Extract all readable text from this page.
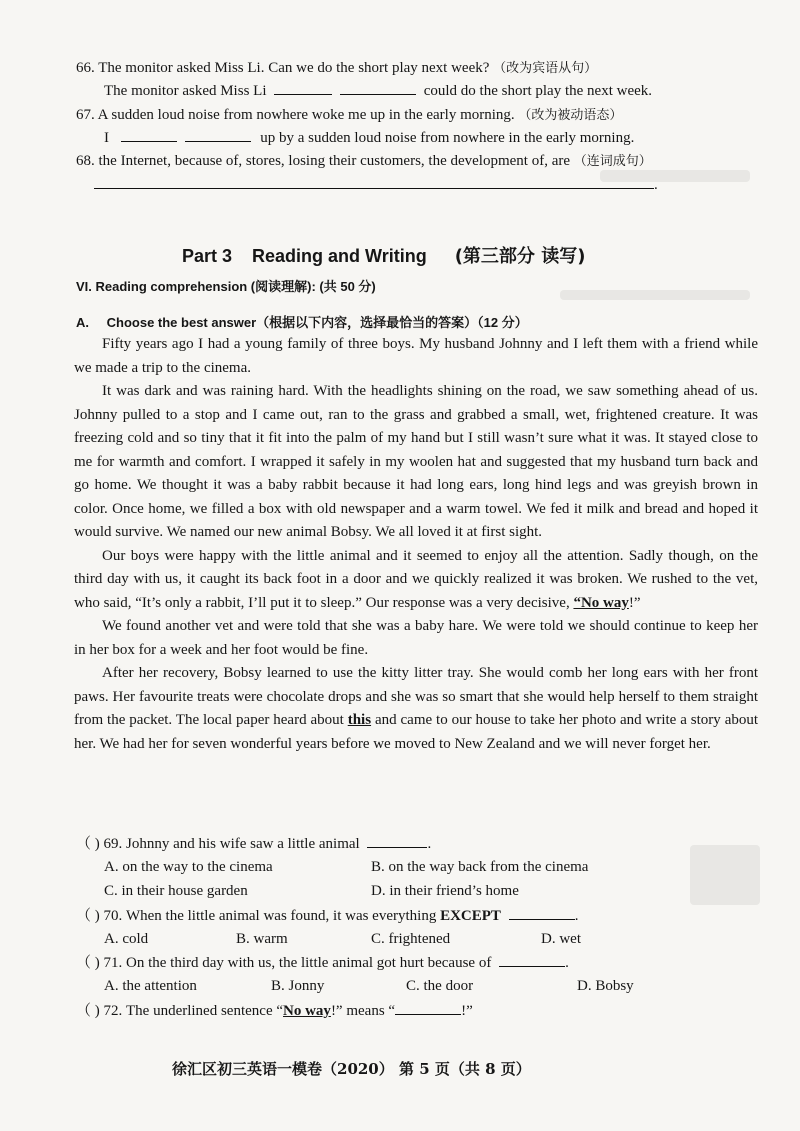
66. The monitor asked Miss Li. Can we do the short play next week? （改为宾语从句）
The monitor asked Miss Li	could do the short play the next week.
67. A sudden loud noise from nowhere woke me up in the early morning. （改为被动语态）
I	up by a sudden loud noise from nowhere in the early morning.
68. the Internet, because of, stores, losing their customers, the development of, are （连词成句）
.
Part 3    Reading and Writing (第三部分 读写)
VI. Reading comprehension (阅读理解): (共 50 分)
A. Choose the best answer（根据以下内容，选择最恰当的答案）（12 分）

Fifty years ago I had a young family of three boys. My husband Johnny and I left them with a friend while we made a trip to the cinema.

It was dark and was raining hard. With the headlights shining on the road, we saw something ahead of us. Johnny pulled to a stop and I came out, ran to the grass and grabbed a small, wet, frightened creature. It was freezing cold and so tiny that it fit into the palm of my hand but I still wasn’t sure what it was. It stayed close to me for warmth and comfort. I wrapped it safely in my woolen hat and suggested that my husband turn back and go home. We thought it was a baby rabbit because it had long ears, long hind legs and was greyish brown in color. Once home, we filled a box with old newspaper and a warm towel. We fed it milk and bread and hoped it would survive. We named our new animal Bobsy. We all loved it at first sight.

Our boys were happy with the little animal and it seemed to enjoy all the attention. Sadly though, on the third day with us, it caught its back foot in a door and we quickly realized it was broken. We rushed to the vet, who said, “It’s only a rabbit, I’ll put it to sleep.” Our response was a very decisive, “No way!”

We found another vet and were told that she was a baby hare. We were told we should continue to keep her in her box for a week and her foot would be fine.

After her recovery, Bobsy learned to use the kitty litter tray. She would comb her long ears with her front paws. Her favourite treats were chocolate drops and she was so smart that she would help herself to them straight from the packet. The local paper heard about this and came to our house to take her photo and write a story about her. We had her for seven wonderful years before we moved to New Zealand and we will never forget her.

（ ) 69. Johnny and his wife saw a little animal	.
A. on the way to the cinema	B. on the way back from the cinema
C. in their house garden	D. in their friend’s home
（ ) 70. When the little animal was found, it was everything EXCEPT	.
A. cold	B. warm	C. frightened	D. wet
（ ) 71. On the third day with us, the little animal got hurt because of	.
A. the attention	B. Jonny	C. the door	D. Bobsy
（ ) 72. The underlined sentence “No way!” means “	!”
徐汇区初三英语一模卷（2020） 第 5 页（共 8 页）
